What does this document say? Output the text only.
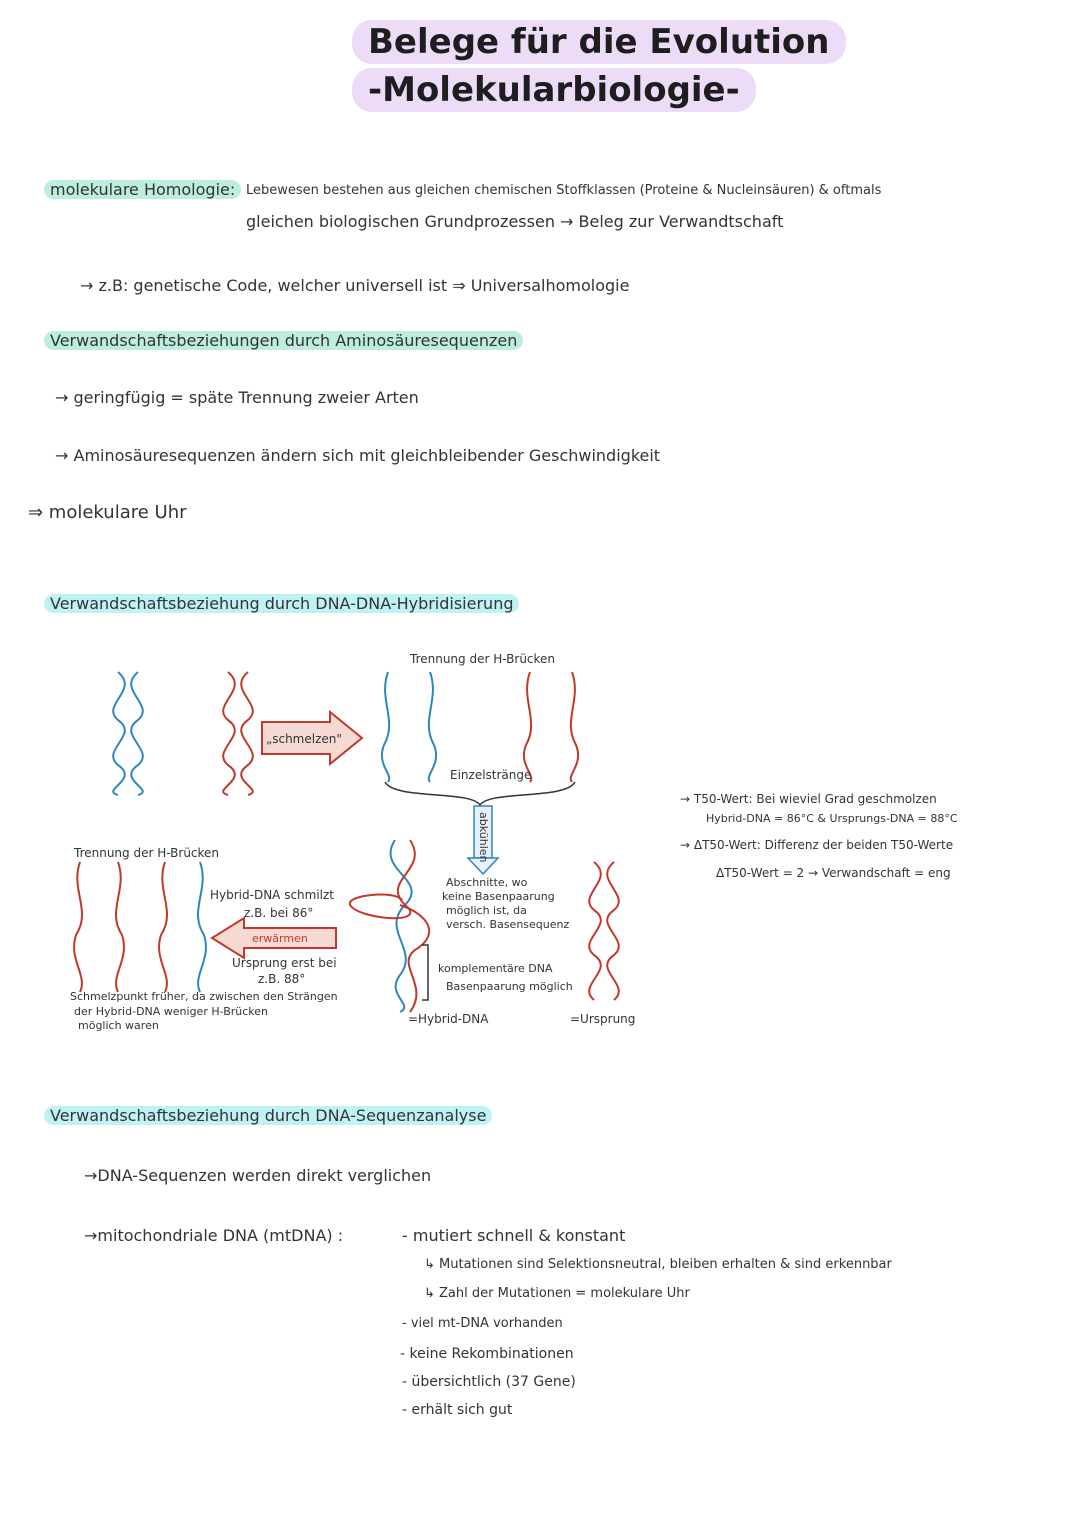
Belege für die Evolution
-Molekularbiologie-
molekulare Homologie: Lebewesen bestehen aus gleichen chemischen Stoffklassen (Proteine & Nucleinsäuren) & oftmals
gleichen biologischen Grundprozessen → Beleg zur Verwandtschaft
→ z.B: genetische Code, welcher universell ist ⇒ Universalhomologie
Verwandschaftsbeziehungen durch Aminosäuresequenzen
→ geringfügig = späte Trennung zweier Arten
→ Aminosäuresequenzen ändern sich mit gleichbleibender Geschwindigkeit
⇒ molekulare Uhr
Verwandschaftsbeziehung durch DNA-DNA-Hybridisierung
„schmelzen"
Trennung der H-Brücken
Einzelstränge
abkühlen
Trennung der H-Brücken
Hybrid-DNA schmilzt
z.B. bei 86°
erwärmen
Ursprung erst bei
z.B. 88°
Schmelzpunkt früher, da zwischen den Strängen
der Hybrid-DNA weniger H-Brücken
möglich waren
Abschnitte, wo
keine Basenpaarung
möglich ist, da
versch. Basensequenz
komplementäre DNA
Basenpaarung möglich
=Hybrid-DNA	=Ursprung
→ T50-Wert: Bei wieviel Grad geschmolzen
Hybrid-DNA = 86°C & Ursprungs-DNA = 88°C
→ ΔT50-Wert: Differenz der beiden T50-Werte
ΔT50-Wert = 2 → Verwandschaft = eng
Verwandschaftsbeziehung durch DNA-Sequenzanalyse
→DNA-Sequenzen werden direkt verglichen
→mitochondriale DNA (mtDNA) :	- mutiert schnell & konstant
↳ Mutationen sind Selektionsneutral, bleiben erhalten & sind erkennbar
↳ Zahl der Mutationen = molekulare Uhr
- viel mt-DNA vorhanden
- keine Rekombinationen
- übersichtlich (37 Gene)
- erhält sich gut
